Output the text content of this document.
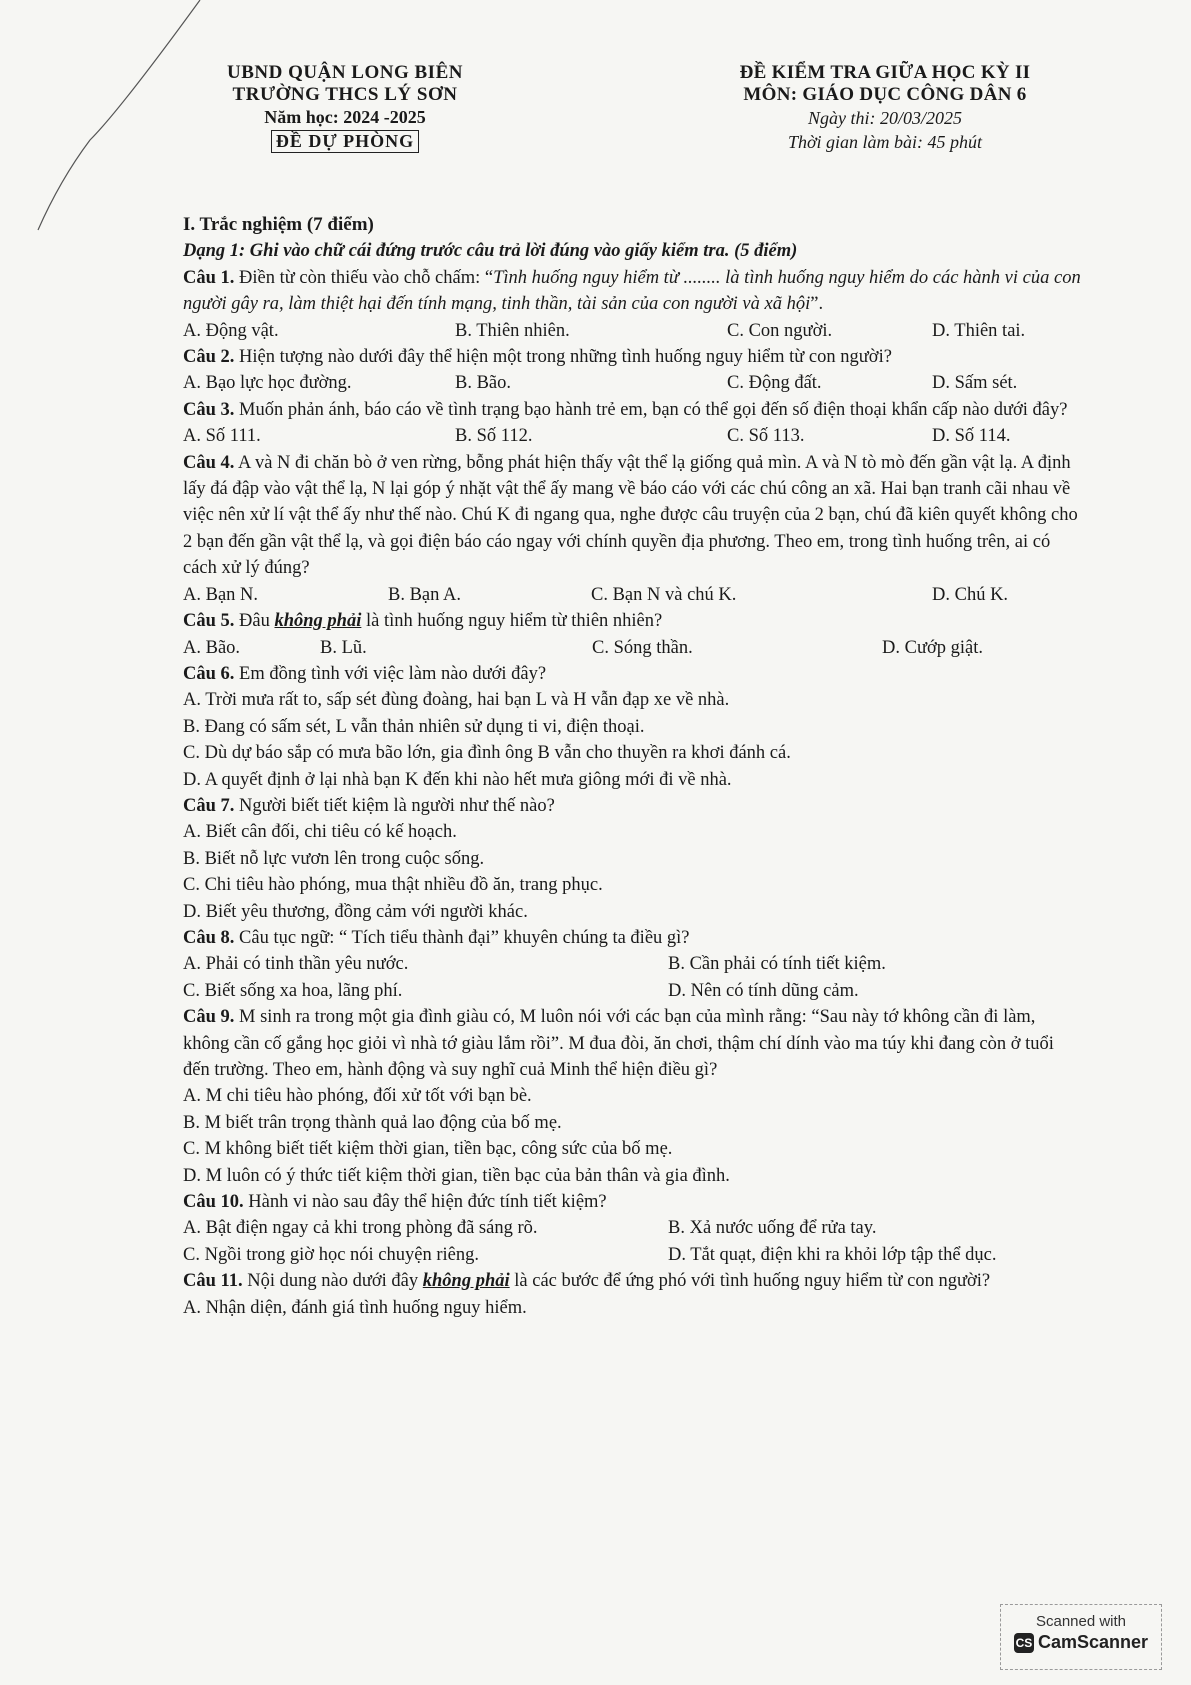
UBND QUẬN LONG BIÊN
TRƯỜNG THCS LÝ SƠN
Năm học: 2024 -2025
ĐỀ DỰ PHÒNG
ĐỀ KIỂM TRA GIỮA HỌC KỲ II
MÔN: GIÁO DỤC CÔNG DÂN 6
Ngày thi: 20/03/2025
Thời gian làm bài: 45 phút
I. Trắc nghiệm (7 điểm)
Dạng 1: Ghi vào chữ cái đứng trước câu trả lời đúng vào giấy kiểm tra. (5 điểm)

Câu 1. Điền từ còn thiếu vào chỗ chấm: “Tình huống nguy hiểm từ ........ là tình huống nguy hiểm do các hành vi của con người gây ra, làm thiệt hại đến tính mạng, tinh thần, tài sản của con người và xã hội”.

A. Động vật.	B. Thiên nhiên.	C. Con người.	D. Thiên tai.

Câu 2. Hiện tượng nào dưới đây thể hiện một trong những tình huống nguy hiểm từ con người?

A. Bạo lực học đường.	B. Bão.	C. Động đất.	D. Sấm sét.

Câu 3. Muốn phản ánh, báo cáo về tình trạng bạo hành trẻ em, bạn có thể gọi đến số điện thoại khẩn cấp nào dưới đây?

A. Số 111.	B. Số 112.	C. Số 113.	D. Số 114.

Câu 4. A và N đi chăn bò ở ven rừng, bỗng phát hiện thấy vật thể lạ giống quả mìn. A và N tò mò đến gần vật lạ. A định lấy đá đập vào vật thể lạ, N lại góp ý nhặt vật thể ấy mang về báo cáo với các chú công an xã. Hai bạn tranh cãi nhau về việc nên xử lí vật thể ấy như thế nào. Chú K đi ngang qua, nghe được câu truyện của 2 bạn, chú đã kiên quyết không cho 2 bạn đến gần vật thể lạ, và gọi điện báo cáo ngay với chính quyền địa phương. Theo em, trong tình huống trên, ai có cách xử lý đúng?

A. Bạn N.	B. Bạn A.	C. Bạn N và chú K.	D. Chú K.

Câu 5. Đâu không phải là tình huống nguy hiểm từ thiên nhiên?

A. Bão.	B. Lũ.	C. Sóng thần.	D. Cướp giật.

Câu 6. Em đồng tình với việc làm nào dưới đây?

A. Trời mưa rất to, sấp sét đùng đoàng, hai bạn L và H vẫn đạp xe về nhà.
B. Đang có sấm sét, L vẫn thản nhiên sử dụng ti vi, điện thoại.
C. Dù dự báo sắp có mưa bão lớn, gia đình ông B vẫn cho thuyền ra khơi đánh cá.
D. A quyết định ở lại nhà bạn K đến khi nào hết mưa giông mới đi về nhà.

Câu 7. Người biết tiết kiệm là người như thế nào?

A. Biết cân đối, chi tiêu có kế hoạch.
B. Biết nỗ lực vươn lên trong cuộc sống.
C. Chi tiêu hào phóng, mua thật nhiều đồ ăn, trang phục.
D. Biết yêu thương, đồng cảm với người khác.

Câu 8. Câu tục ngữ: “ Tích tiểu thành đại” khuyên chúng ta điều gì?

A. Phải có tinh thần yêu nước.	B. Cần phải có tính tiết kiệm.
C. Biết sống xa hoa, lãng phí.	D. Nên có tính dũng cảm.

Câu 9. M sinh ra trong một gia đình giàu có, M luôn nói với các bạn của mình rằng: “Sau này tớ không cần đi làm, không cần cố gắng học giỏi vì nhà tớ giàu lắm rồi”. M đua đòi, ăn chơi, thậm chí dính vào ma túy khi đang còn ở tuổi đến trường. Theo em, hành động và suy nghĩ cuả Minh thể hiện điều gì?

A. M chi tiêu hào phóng, đối xử tốt với bạn bè.
B. M biết trân trọng thành quả lao động của bố mẹ.
C. M không biết tiết kiệm thời gian, tiền bạc, công sức của bố mẹ.
D. M luôn có ý thức tiết kiệm thời gian, tiền bạc của bản thân và gia đình.

Câu 10. Hành vi nào sau đây thể hiện đức tính tiết kiệm?

A. Bật điện ngay cả khi trong phòng đã sáng rõ.	B. Xả nước uống để rửa tay.
C. Ngồi trong giờ học nói chuyện riêng.	D. Tắt quạt, điện khi ra khỏi lớp tập thể dục.

Câu 11. Nội dung nào dưới đây không phải là các bước để ứng phó với tình huống nguy hiểm từ con người?

A. Nhận diện, đánh giá tình huống nguy hiểm.
Scanned with
CS CamScanner
